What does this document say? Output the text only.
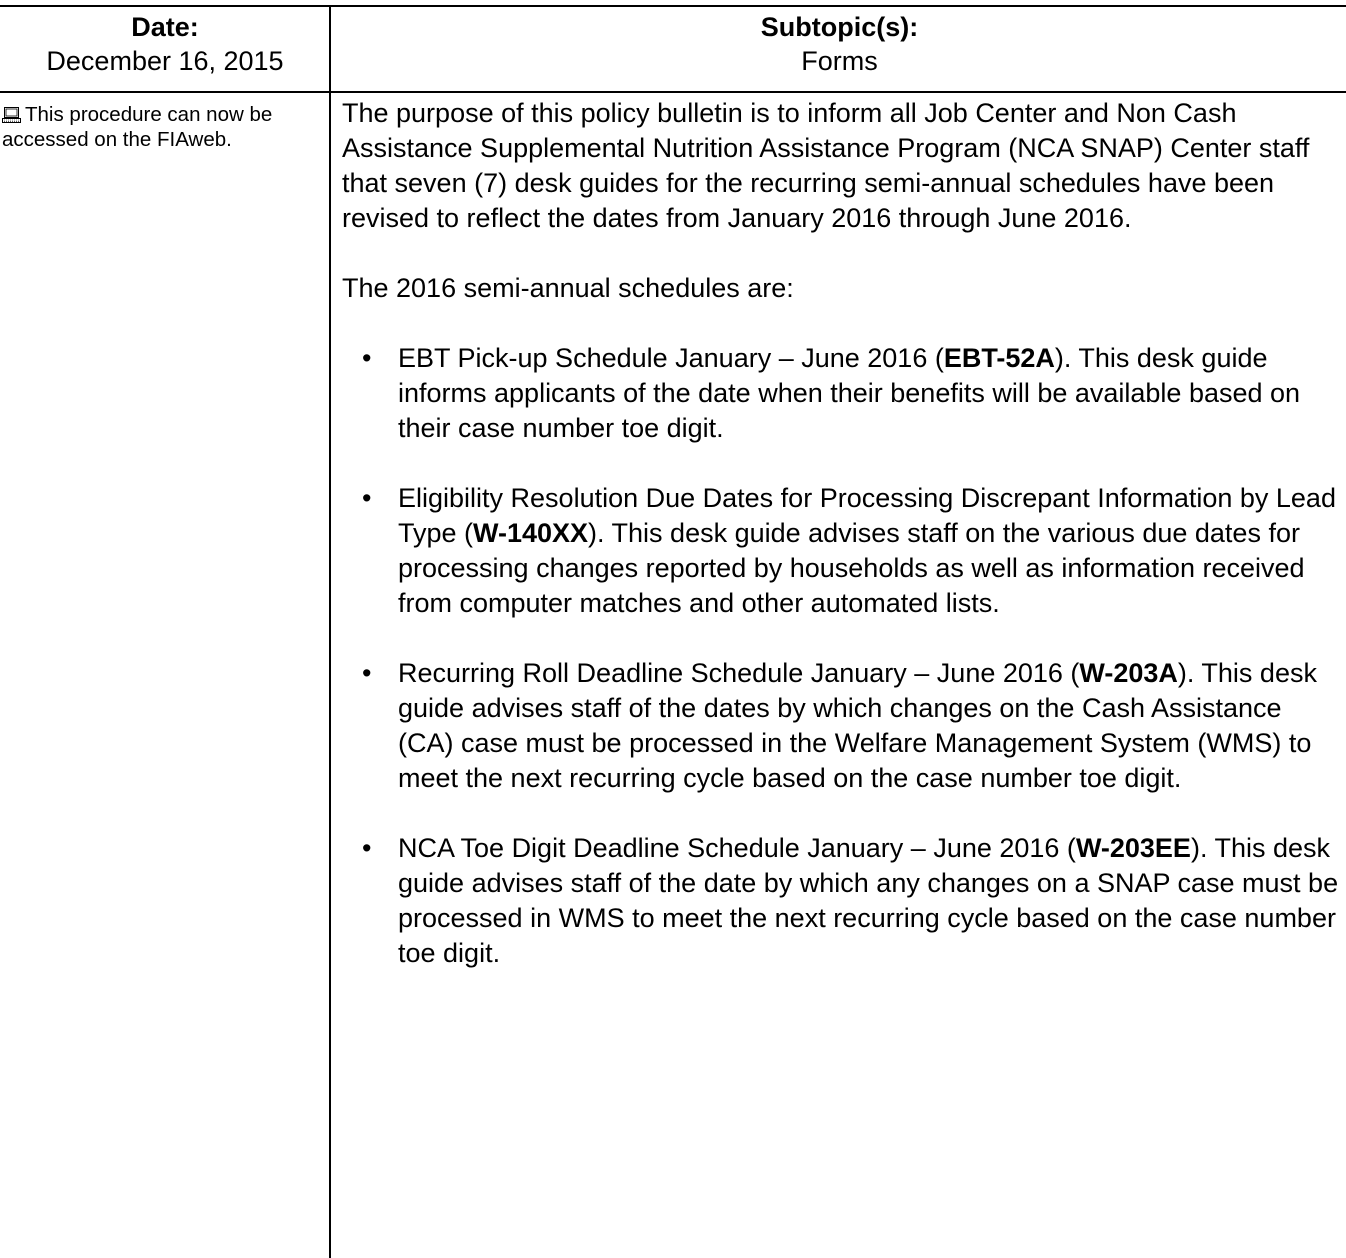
Date:
December 16, 2015
Subtopic(s):
Forms
This procedure can now be accessed on the FIAweb.

The purpose of this policy bulletin is to inform all Job Center and Non Cash Assistance Supplemental Nutrition Assistance Program (NCA SNAP) Center staff that seven (7) desk guides for the recurring semi-annual schedules have been revised to reflect the dates from January 2016 through June 2016.

The 2016 semi-annual schedules are:

• EBT Pick-up Schedule January – June 2016 (EBT-52A). This desk guide informs applicants of the date when their benefits will be available based on their case number toe digit.
• Eligibility Resolution Due Dates for Processing Discrepant Information by Lead Type (W-140XX). This desk guide advises staff on the various due dates for processing changes reported by households as well as information received from computer matches and other automated lists.
• Recurring Roll Deadline Schedule January – June 2016 (W-203A). This desk guide advises staff of the dates by which changes on the Cash Assistance (CA) case must be processed in the Welfare Management System (WMS) to meet the next recurring cycle based on the case number toe digit.
• NCA Toe Digit Deadline Schedule January – June 2016 (W-203EE). This desk guide advises staff of the date by which any changes on a SNAP case must be processed in WMS to meet the next recurring cycle based on the case number toe digit.
